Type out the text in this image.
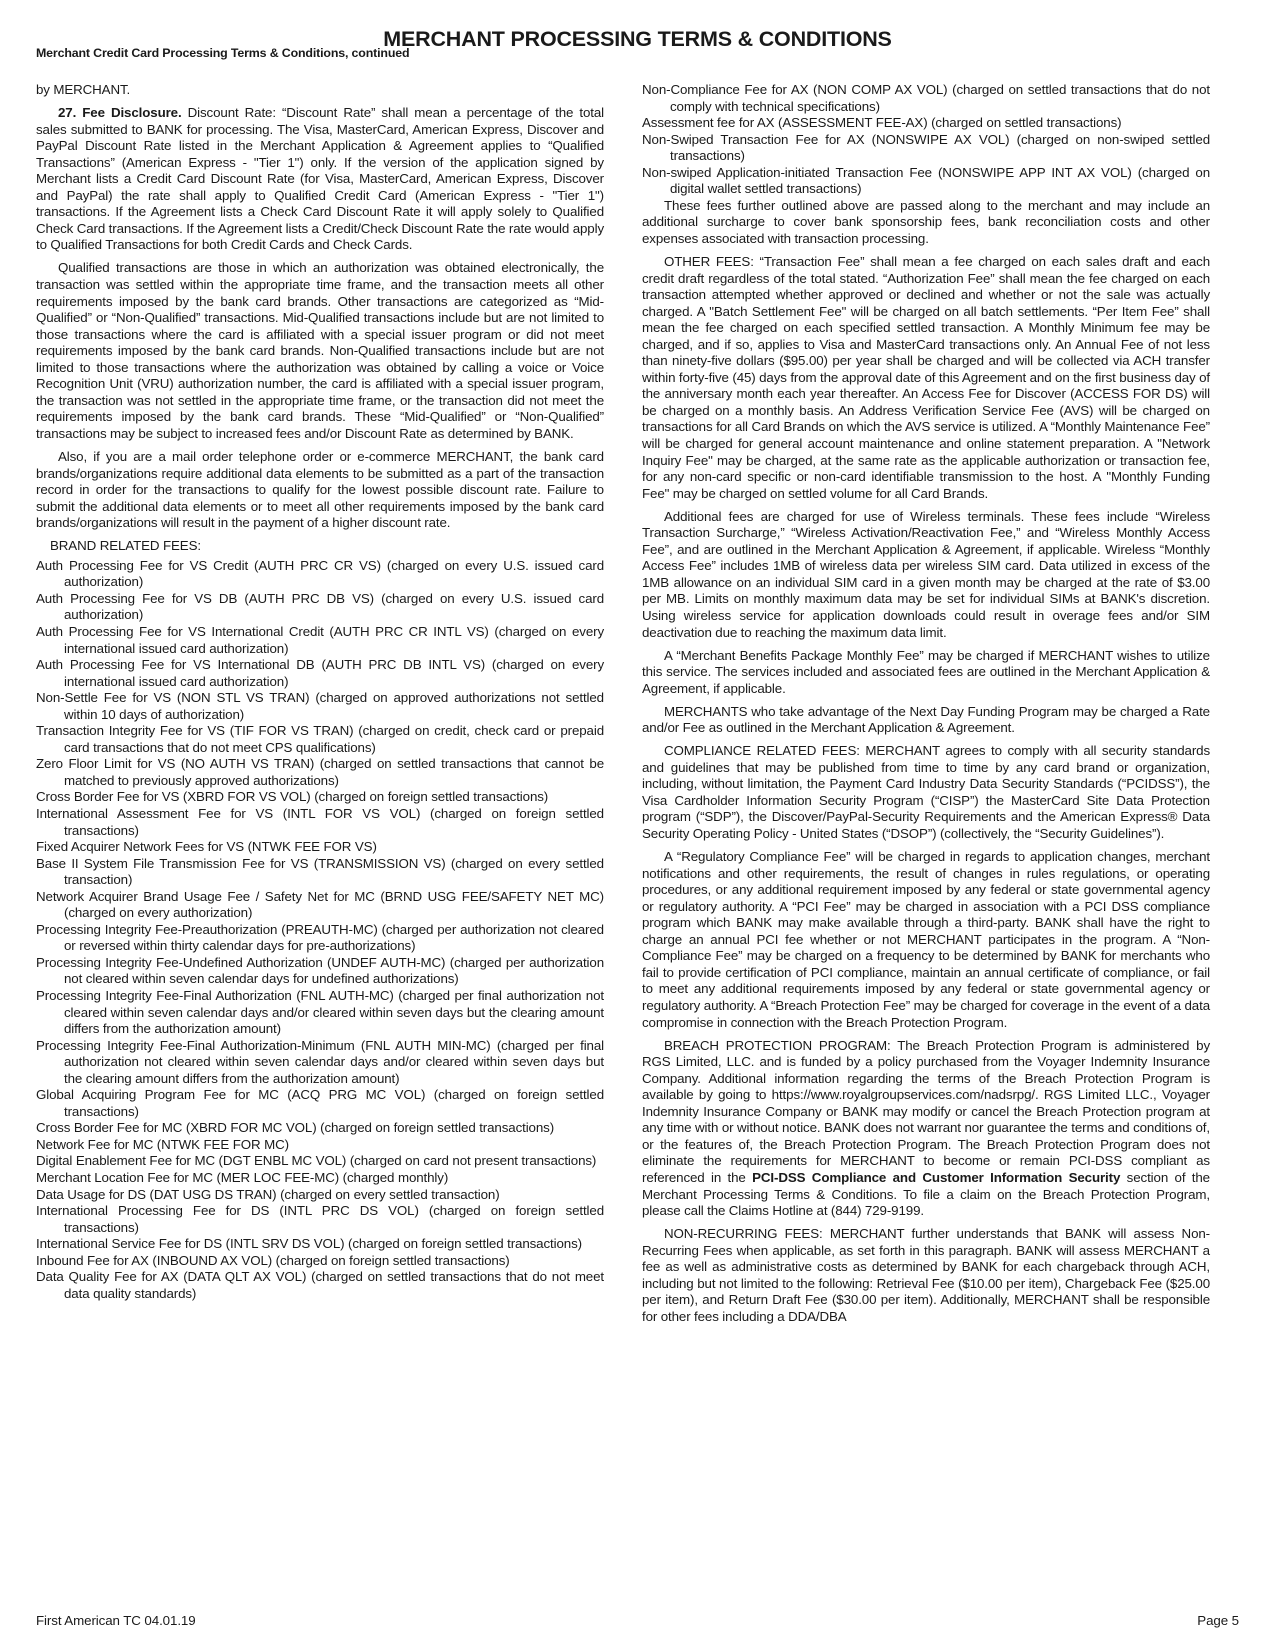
MERCHANT PROCESSING TERMS & CONDITIONS
Merchant Credit Card Processing Terms & Conditions, continued

by MERCHANT.

27. Fee Disclosure. Discount Rate: “Discount Rate” shall mean a percentage of the total sales submitted to BANK for processing. The Visa, MasterCard, American Express, Discover and PayPal Discount Rate listed in the Merchant Application & Agreement applies to “Qualified Transactions” (American Express - "Tier 1") only. If the version of the application signed by Merchant lists a Credit Card Discount Rate (for Visa, MasterCard, American Express, Discover and PayPal) the rate shall apply to Qualified Credit Card (American Express - "Tier 1") transactions. If the Agreement lists a Check Card Discount Rate it will apply solely to Qualified Check Card transactions. If the Agreement lists a Credit/Check Discount Rate the rate would apply to Qualified Transactions for both Credit Cards and Check Cards.

Qualified transactions are those in which an authorization was obtained electronically, the transaction was settled within the appropriate time frame, and the transaction meets all other requirements imposed by the bank card brands. Other transactions are categorized as “Mid-Qualified” or “Non-Qualified” transactions. Mid-Qualified transactions include but are not limited to those transactions where the card is affiliated with a special issuer program or did not meet requirements imposed by the bank card brands. Non-Qualified transactions include but are not limited to those transactions where the authorization was obtained by calling a voice or Voice Recognition Unit (VRU) authorization number, the card is affiliated with a special issuer program, the transaction was not settled in the appropriate time frame, or the transaction did not meet the requirements imposed by the bank card brands. These “Mid-Qualified” or “Non-Qualified” transactions may be subject to increased fees and/or Discount Rate as determined by BANK.

Also, if you are a mail order telephone order or e-commerce MERCHANT, the bank card brands/organizations require additional data elements to be submitted as a part of the transaction record in order for the transactions to qualify for the lowest possible discount rate. Failure to submit the additional data elements or to meet all other requirements imposed by the bank card brands/organizations will result in the payment of a higher discount rate.

BRAND RELATED FEES:

Auth Processing Fee for VS Credit (AUTH PRC CR VS) (charged on every U.S. issued card authorization)
Auth Processing Fee for VS DB (AUTH PRC DB VS) (charged on every U.S. issued card authorization)
Auth Processing Fee for VS International Credit (AUTH PRC CR INTL VS) (charged on every international issued card authorization)
Auth Processing Fee for VS International DB (AUTH PRC DB INTL VS) (charged on every international issued card authorization)
Non-Settle Fee for VS (NON STL VS TRAN) (charged on approved authorizations not settled within 10 days of authorization)
Transaction Integrity Fee for VS (TIF FOR VS TRAN) (charged on credit, check card or prepaid card transactions that do not meet CPS qualifications)
Zero Floor Limit for VS (NO AUTH VS TRAN) (charged on settled transactions that cannot be matched to previously approved authorizations)
Cross Border Fee for VS (XBRD FOR VS VOL) (charged on foreign settled transactions)
International Assessment Fee for VS (INTL FOR VS VOL) (charged on foreign settled transactions)
Fixed Acquirer Network Fees for VS (NTWK FEE FOR VS)
Base II System File Transmission Fee for VS (TRANSMISSION VS) (charged on every settled transaction)
Network Acquirer Brand Usage Fee / Safety Net for MC (BRND USG FEE/SAFETY NET MC) (charged on every authorization)
Processing Integrity Fee-Preauthorization (PREAUTH-MC) (charged per authorization not cleared or reversed within thirty calendar days for pre-authorizations)
Processing Integrity Fee-Undefined Authorization (UNDEF AUTH-MC) (charged per authorization not cleared within seven calendar days for undefined authorizations)
Processing Integrity Fee-Final Authorization (FNL AUTH-MC) (charged per final authorization not cleared within seven calendar days and/or cleared within seven days but the clearing amount differs from the authorization amount)
Processing Integrity Fee-Final Authorization-Minimum (FNL AUTH MIN-MC) (charged per final authorization not cleared within seven calendar days and/or cleared within seven days but the clearing amount differs from the authorization amount)
Global Acquiring Program Fee for MC (ACQ PRG MC VOL) (charged on foreign settled transactions)
Cross Border Fee for MC (XBRD FOR MC VOL) (charged on foreign settled transactions)
Network Fee for MC (NTWK FEE FOR MC)
Digital Enablement Fee for MC (DGT ENBL MC VOL) (charged on card not present transactions)
Merchant Location Fee for MC (MER LOC FEE-MC) (charged monthly)
Data Usage for DS (DAT USG DS TRAN) (charged on every settled transaction)
International Processing Fee for DS (INTL PRC DS VOL) (charged on foreign settled transactions)
International Service Fee for DS (INTL SRV DS VOL) (charged on foreign settled transactions)
Inbound Fee for AX (INBOUND AX VOL) (charged on foreign settled transactions)
Data Quality Fee for AX (DATA QLT AX VOL) (charged on settled transactions that do not meet data quality standards)
Non-Compliance Fee for AX (NON COMP AX VOL) (charged on settled transactions that do not comply with technical specifications)
Assessment fee for AX (ASSESSMENT FEE-AX) (charged on settled transactions)
Non-Swiped Transaction Fee for AX (NONSWIPE AX VOL) (charged on non-swiped settled transactions)
Non-swiped Application-initiated Transaction Fee (NONSWIPE APP INT AX VOL) (charged on digital wallet settled transactions)

These fees further outlined above are passed along to the merchant and may include an additional surcharge to cover bank sponsorship fees, bank reconciliation costs and other expenses associated with transaction processing.

OTHER FEES: “Transaction Fee” shall mean a fee charged on each sales draft and each credit draft regardless of the total stated. “Authorization Fee” shall mean the fee charged on each transaction attempted whether approved or declined and whether or not the sale was actually charged. A "Batch Settlement Fee" will be charged on all batch settlements. “Per Item Fee” shall mean the fee charged on each specified settled transaction. A Monthly Minimum fee may be charged, and if so, applies to Visa and MasterCard transactions only. An Annual Fee of not less than ninety-five dollars ($95.00) per year shall be charged and will be collected via ACH transfer within forty-five (45) days from the approval date of this Agreement and on the first business day of the anniversary month each year thereafter. An Access Fee for Discover (ACCESS FOR DS) will be charged on a monthly basis. An Address Verification Service Fee (AVS) will be charged on transactions for all Card Brands on which the AVS service is utilized. A “Monthly Maintenance Fee” will be charged for general account maintenance and online statement preparation. A "Network Inquiry Fee" may be charged, at the same rate as the applicable authorization or transaction fee, for any non-card specific or non-card identifiable transmission to the host. A "Monthly Funding Fee" may be charged on settled volume for all Card Brands.

Additional fees are charged for use of Wireless terminals. These fees include “Wireless Transaction Surcharge,” “Wireless Activation/Reactivation Fee,” and “Wireless Monthly Access Fee”, and are outlined in the Merchant Application & Agreement, if applicable. Wireless “Monthly Access Fee” includes 1MB of wireless data per wireless SIM card. Data utilized in excess of the 1MB allowance on an individual SIM card in a given month may be charged at the rate of $3.00 per MB. Limits on monthly maximum data may be set for individual SIMs at BANK's discretion. Using wireless service for application downloads could result in overage fees and/or SIM deactivation due to reaching the maximum data limit.

A “Merchant Benefits Package Monthly Fee” may be charged if MERCHANT wishes to utilize this service. The services included and associated fees are outlined in the Merchant Application & Agreement, if applicable.

MERCHANTS who take advantage of the Next Day Funding Program may be charged a Rate and/or Fee as outlined in the Merchant Application & Agreement.

COMPLIANCE RELATED FEES: MERCHANT agrees to comply with all security standards and guidelines that may be published from time to time by any card brand or organization, including, without limitation, the Payment Card Industry Data Security Standards (“PCIDSS”), the Visa Cardholder Information Security Program (“CISP”) the MasterCard Site Data Protection program (“SDP”), the Discover/PayPal-Security Requirements and the American Express® Data Security Operating Policy - United States (“DSOP”) (collectively, the “Security Guidelines”).

A “Regulatory Compliance Fee” will be charged in regards to application changes, merchant notifications and other requirements, the result of changes in rules regulations, or operating procedures, or any additional requirement imposed by any federal or state governmental agency or regulatory authority. A “PCI Fee” may be charged in association with a PCI DSS compliance program which BANK may make available through a third-party. BANK shall have the right to charge an annual PCI fee whether or not MERCHANT participates in the program. A “Non-Compliance Fee” may be charged on a frequency to be determined by BANK for merchants who fail to provide certification of PCI compliance, maintain an annual certificate of compliance, or fail to meet any additional requirements imposed by any federal or state governmental agency or regulatory authority. A “Breach Protection Fee” may be charged for coverage in the event of a data compromise in connection with the Breach Protection Program.

BREACH PROTECTION PROGRAM: The Breach Protection Program is administered by RGS Limited, LLC. and is funded by a policy purchased from the Voyager Indemnity Insurance Company. Additional information regarding the terms of the Breach Protection Program is available by going to https://www.royalgroupservices.com/nadsrpg/. RGS Limited LLC., Voyager Indemnity Insurance Company or BANK may modify or cancel the Breach Protection program at any time with or without notice. BANK does not warrant nor guarantee the terms and conditions of, or the features of, the Breach Protection Program. The Breach Protection Program does not eliminate the requirements for MERCHANT to become or remain PCI-DSS compliant as referenced in the PCI-DSS Compliance and Customer Information Security section of the Merchant Processing Terms & Conditions. To file a claim on the Breach Protection Program, please call the Claims Hotline at (844) 729-9199.

NON-RECURRING FEES: MERCHANT further understands that BANK will assess Non-Recurring Fees when applicable, as set forth in this paragraph. BANK will assess MERCHANT a fee as well as administrative costs as determined by BANK for each chargeback through ACH, including but not limited to the following: Retrieval Fee ($10.00 per item), Chargeback Fee ($25.00 per item), and Return Draft Fee ($30.00 per item). Additionally, MERCHANT shall be responsible for other fees including a DDA/DBA

First American TC 04.01.19	Page 5
